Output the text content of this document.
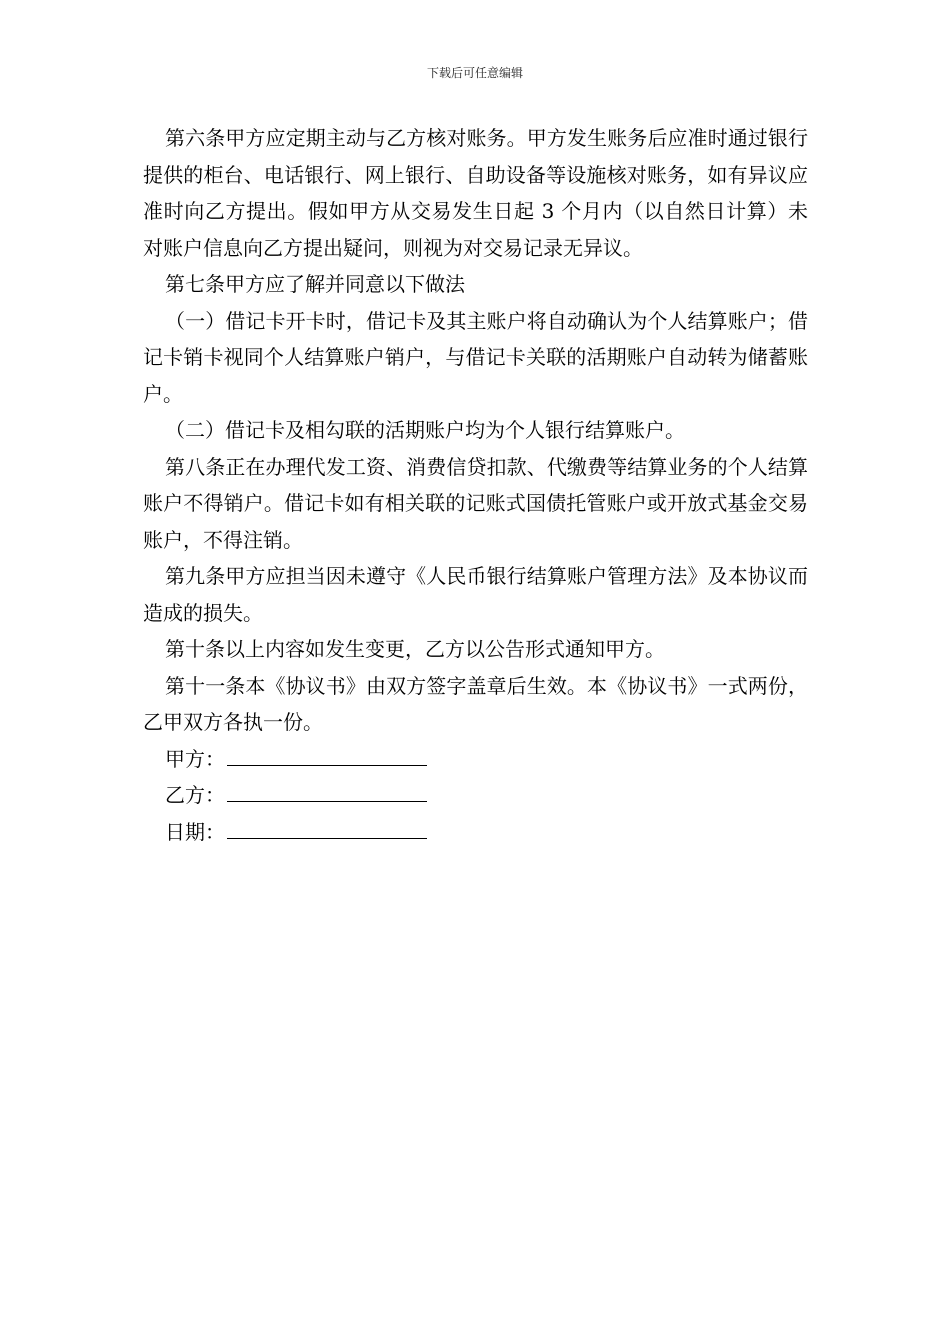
下载后可任意编辑

第六条甲方应定期主动与乙方核对账务。甲方发生账务后应准时通过银行提供的柜台、电话银行、网上银行、自助设备等设施核对账务，如有异议应准时向乙方提出。假如甲方从交易发生日起 3 个月内（以自然日计算）未对账户信息向乙方提出疑问，则视为对交易记录无异议。

第七条甲方应了解并同意以下做法

（一）借记卡开卡时，借记卡及其主账户将自动确认为个人结算账户；借记卡销卡视同个人结算账户销户，与借记卡关联的活期账户自动转为储蓄账户。

（二）借记卡及相勾联的活期账户均为个人银行结算账户。

第八条正在办理代发工资、消费信贷扣款、代缴费等结算业务的个人结算账户不得销户。借记卡如有相关联的记账式国债托管账户或开放式基金交易账户，不得注销。

第九条甲方应担当因未遵守《人民币银行结算账户管理方法》及本协议而造成的损失。

第十条以上内容如发生变更，乙方以公告形式通知甲方。

第十一条本《协议书》由双方签字盖章后生效。本《协议书》一式两份，乙甲双方各执一份。

甲方：
乙方：
日期：
